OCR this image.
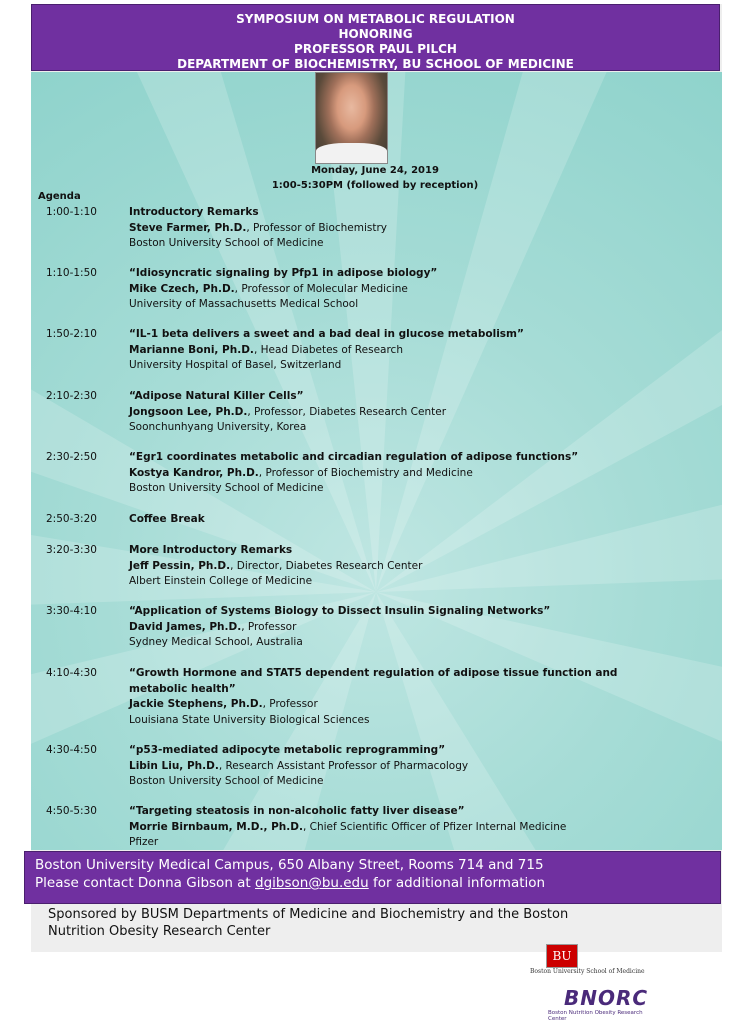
SYMPOSIUM ON METABOLIC REGULATION
HONORING
PROFESSOR PAUL PILCH
DEPARTMENT OF BIOCHEMISTRY, BU SCHOOL OF MEDICINE
Monday, June 24, 2019
1:00-5:30PM (followed by reception)
Agenda
1:00-1:10	Introductory Remarks
Steve Farmer, Ph.D., Professor of Biochemistry
Boston University School of Medicine
1:10-1:50	“Idiosyncratic signaling by Pfp1 in adipose biology”
Mike Czech, Ph.D., Professor of Molecular Medicine
University of Massachusetts Medical School
1:50-2:10	“IL-1 beta delivers a sweet and a bad deal in glucose metabolism”
Marianne Boni, Ph.D., Head Diabetes of Research
University Hospital of Basel, Switzerland
2:10-2:30	“Adipose Natural Killer Cells”
Jongsoon Lee, Ph.D., Professor, Diabetes Research Center
Soonchunhyang University, Korea
2:30-2:50	“Egr1 coordinates metabolic and circadian regulation of adipose functions”
Kostya Kandror, Ph.D., Professor of Biochemistry and Medicine
Boston University School of Medicine
2:50-3:20	Coffee Break
3:20-3:30	More Introductory Remarks
Jeff Pessin, Ph.D., Director, Diabetes Research Center
Albert Einstein College of Medicine
3:30-4:10	“Application of Systems Biology to Dissect Insulin Signaling Networks”
David James, Ph.D., Professor
Sydney Medical School, Australia
4:10-4:30	“Growth Hormone and STAT5 dependent regulation of adipose tissue function and metabolic health”
Jackie Stephens, Ph.D., Professor
Louisiana State University Biological Sciences
4:30-4:50	“p53-mediated adipocyte metabolic reprogramming”
Libin Liu, Ph.D., Research Assistant Professor of Pharmacology
Boston University School of Medicine
4:50-5:30	“Targeting steatosis in non-alcoholic fatty liver disease”
Morrie Birnbaum, M.D., Ph.D., Chief Scientific Officer of Pfizer Internal Medicine
Pfizer
Boston University Medical Campus, 650 Albany Street, Rooms 714 and 715
Please contact Donna Gibson at dgibson@bu.edu for additional information
Sponsored by BUSM Departments of Medicine and Biochemistry and the Boston
Nutrition Obesity Research Center
BU
Boston University School of Medicine
BNORC
Boston Nutrition Obesity Research Center
